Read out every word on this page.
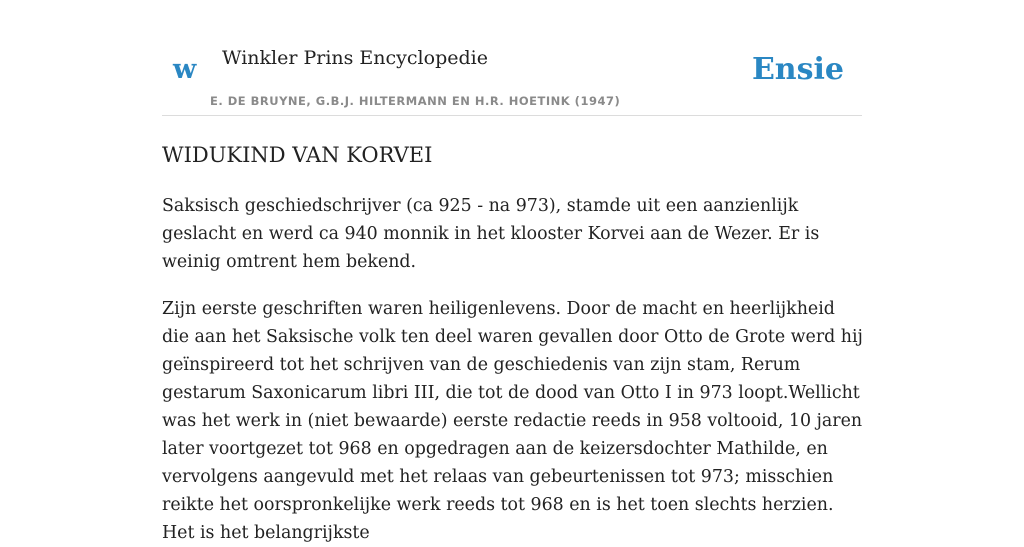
w Winkler Prins Encyclopedie
E. DE BRUYNE, G.B.J. HILTERMANN EN H.R. HOETINK (1947)
Ensie
WIDUKIND VAN KORVEI

Saksisch geschiedschrijver (ca 925 - na 973), stamde uit een aanzienlijk geslacht en werd ca 940 monnik in het klooster Korvei aan de Wezer. Er is weinig omtrent hem bekend.

Zijn eerste geschriften waren heiligenlevens. Door de macht en heerlijkheid die aan het Saksische volk ten deel waren gevallen door Otto de Grote werd hij geïnspireerd tot het schrijven van de geschiedenis van zijn stam, Rerum gestarum Saxonicarum libri III, die tot de dood van Otto I in 973 loopt.Wellicht was het werk in (niet bewaarde) eerste redactie reeds in 958 voltooid, 10 jaren later voortgezet tot 968 en opgedragen aan de keizersdochter Mathilde, en vervolgens aangevuld met het relaas van gebeurtenissen tot 973; misschien reikte het oorspronkelijke werk reeds tot 968 en is het toen slechts herzien. Het is het belangrijkste
